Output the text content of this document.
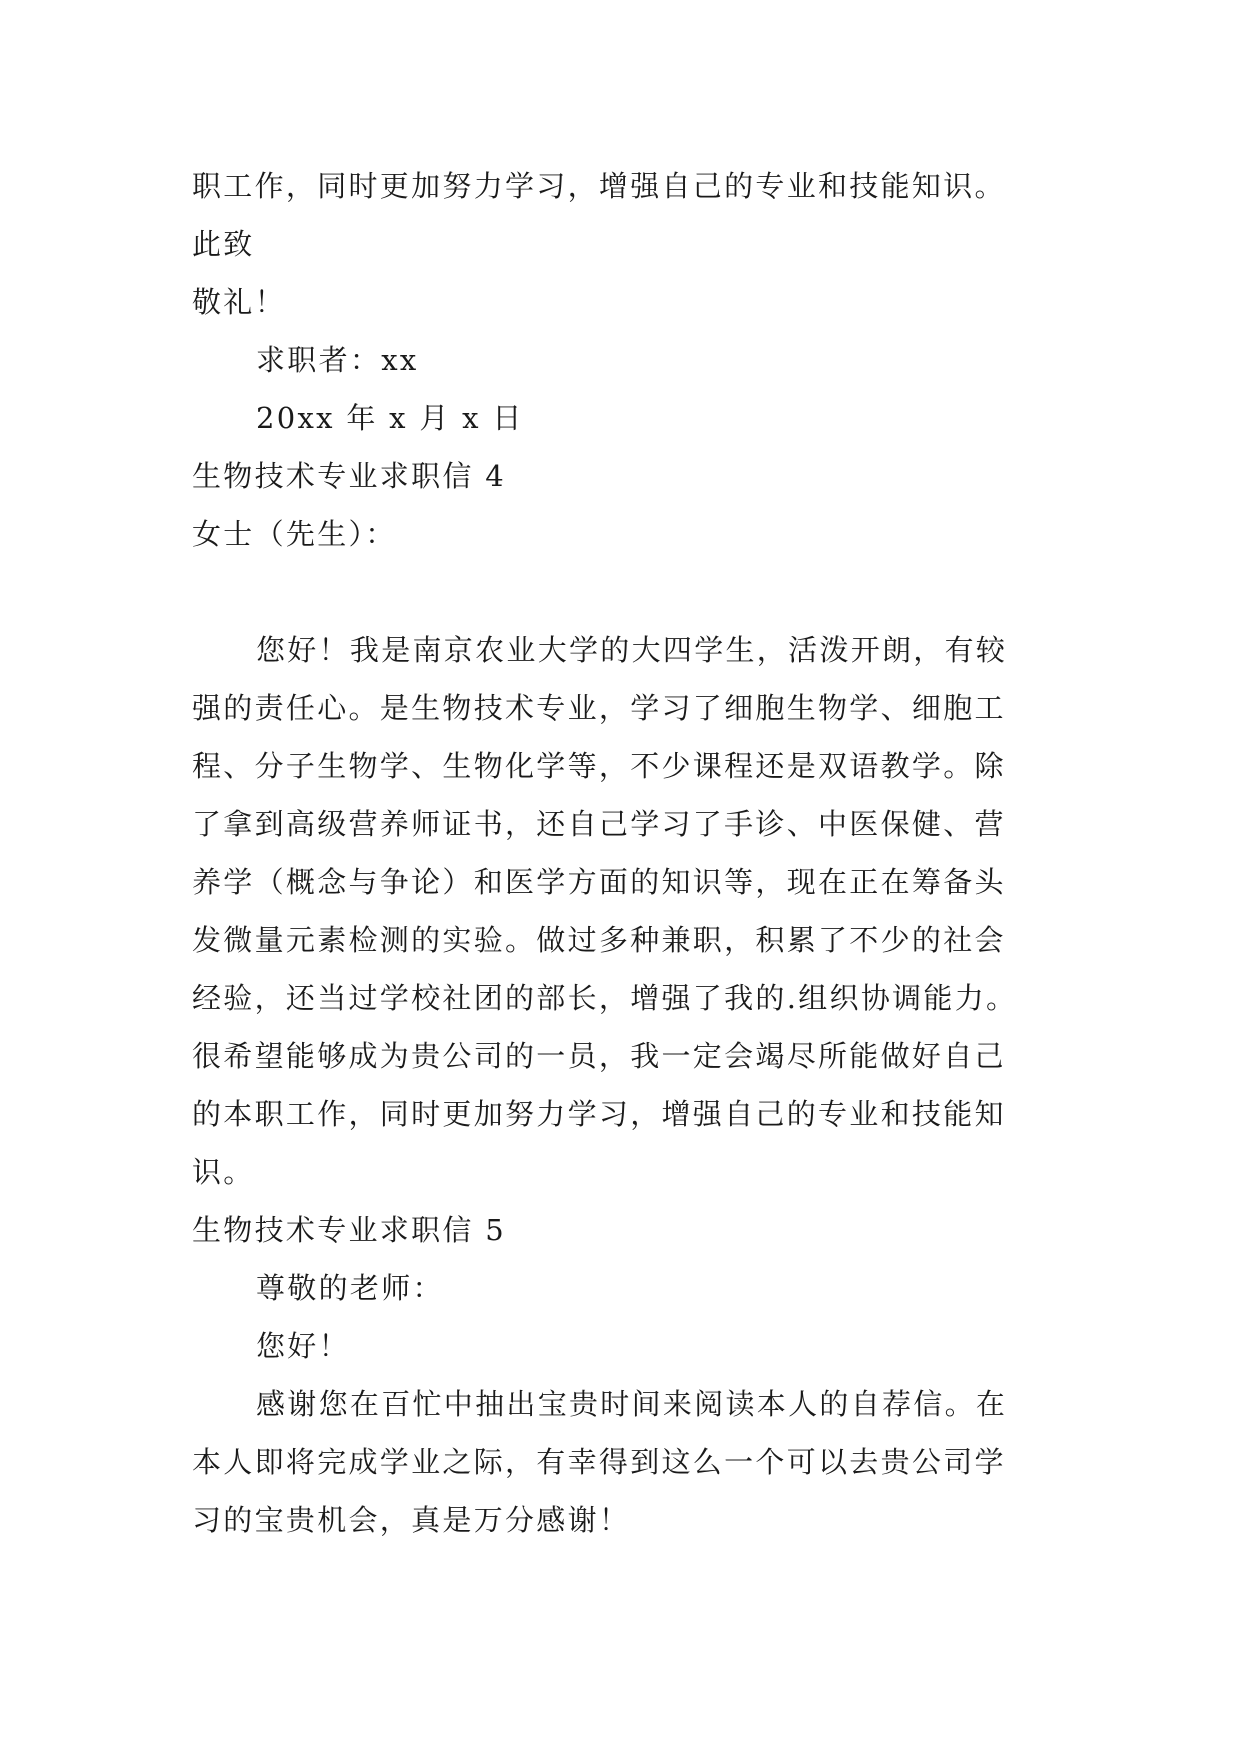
职工作，同时更加努力学习，增强自己的专业和技能知识。
此致
敬礼！
求职者：xx
20xx 年 x 月 x 日
生物技术专业求职信 4
女士（先生）：
您好！我是南京农业大学的大四学生，活泼开朗，有较
强的责任心。是生物技术专业，学习了细胞生物学、细胞工
程、分子生物学、生物化学等，不少课程还是双语教学。除
了拿到高级营养师证书，还自己学习了手诊、中医保健、营
养学（概念与争论）和医学方面的知识等，现在正在筹备头
发微量元素检测的实验。做过多种兼职，积累了不少的社会
经验，还当过学校社团的部长，增强了我的.组织协调能力。
很希望能够成为贵公司的一员，我一定会竭尽所能做好自己
的本职工作，同时更加努力学习，增强自己的专业和技能知
识。
生物技术专业求职信 5
尊敬的老师：
您好！
感谢您在百忙中抽出宝贵时间来阅读本人的自荐信。在
本人即将完成学业之际，有幸得到这么一个可以去贵公司学
习的宝贵机会，真是万分感谢！
